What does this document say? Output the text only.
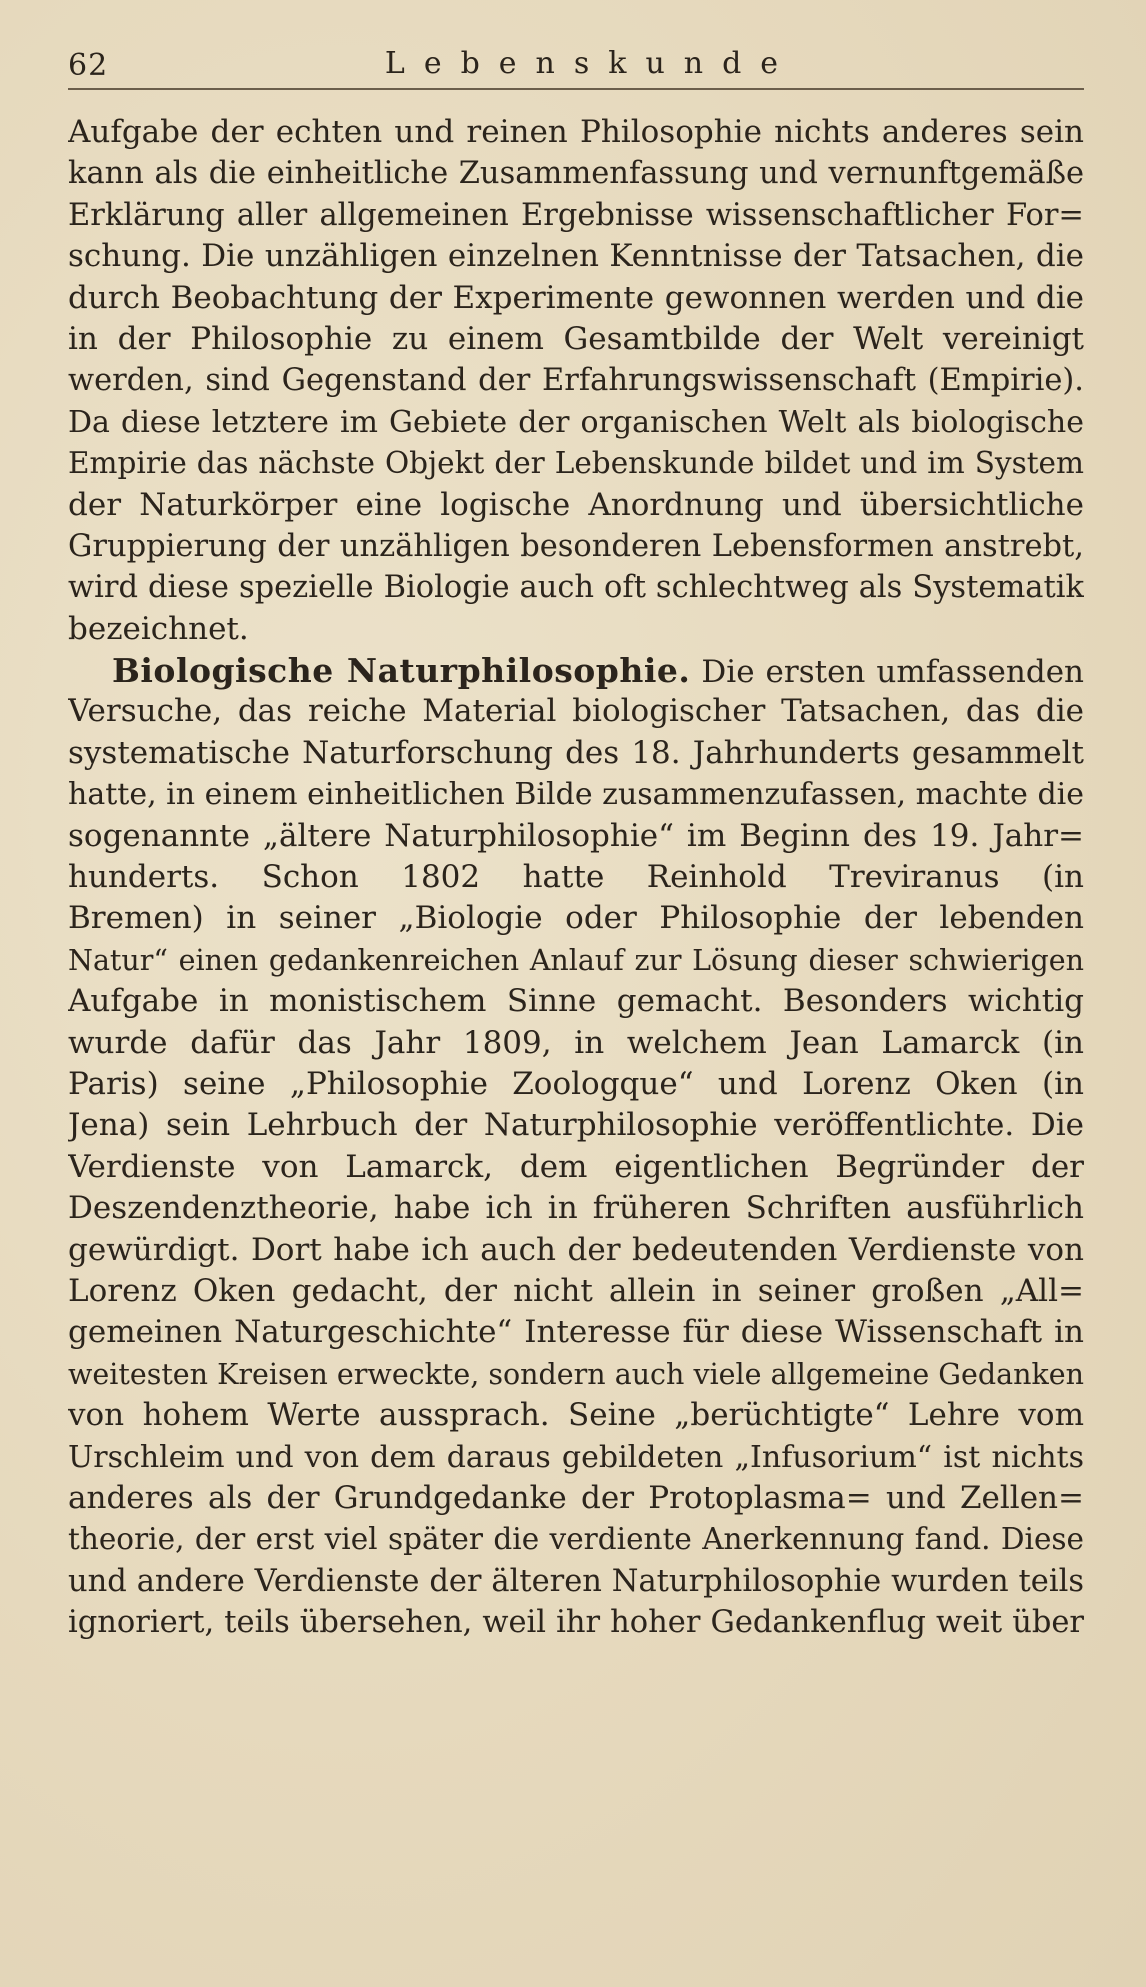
62	Lebenskunde
Aufgabe der echten und reinen Philosophie nichts anderes sein
kann als die einheitliche Zusammenfassung und vernunftgemäße
Erklärung aller allgemeinen Ergebnisse wissenschaftlicher For=
schung. Die unzähligen einzelnen Kenntnisse der Tatsachen, die
durch Beobachtung der Experimente gewonnen werden und die
in der Philosophie zu einem Gesamtbilde der Welt vereinigt
werden, sind Gegenstand der Erfahrungswissenschaft (Empirie).
Da diese letztere im Gebiete der organischen Welt als biologische
Empirie das nächste Objekt der Lebenskunde bildet und im System
der Naturkörper eine logische Anordnung und übersichtliche
Gruppierung der unzähligen besonderen Lebensformen anstrebt,
wird diese spezielle Biologie auch oft schlechtweg als Systematik
bezeichnet.
Biologische Naturphilosophie. Die ersten umfassenden
Versuche, das reiche Material biologischer Tatsachen, das die
systematische Naturforschung des 18. Jahrhunderts gesammelt
hatte, in einem einheitlichen Bilde zusammenzufassen, machte die
sogenannte „ältere Naturphilosophie“ im Beginn des 19. Jahr=
hunderts. Schon 1802 hatte Reinhold Treviranus (in
Bremen) in seiner „Biologie oder Philosophie der lebenden
Natur“ einen gedankenreichen Anlauf zur Lösung dieser schwierigen
Aufgabe in monistischem Sinne gemacht. Besonders wichtig
wurde dafür das Jahr 1809, in welchem Jean Lamarck (in
Paris) seine „Philosophie Zoologque“ und Lorenz Oken (in
Jena) sein Lehrbuch der Naturphilosophie veröffentlichte. Die
Verdienste von Lamarck, dem eigentlichen Begründer der
Deszendenztheorie, habe ich in früheren Schriften ausführlich
gewürdigt. Dort habe ich auch der bedeutenden Verdienste von
Lorenz Oken gedacht, der nicht allein in seiner großen „All=
gemeinen Naturgeschichte“ Interesse für diese Wissenschaft in
weitesten Kreisen erweckte, sondern auch viele allgemeine Gedanken
von hohem Werte aussprach. Seine „berüchtigte“ Lehre vom
Urschleim und von dem daraus gebildeten „Infusorium“ ist nichts
anderes als der Grundgedanke der Protoplasma= und Zellen=
theorie, der erst viel später die verdiente Anerkennung fand. Diese
und andere Verdienste der älteren Naturphilosophie wurden teils
ignoriert, teils übersehen, weil ihr hoher Gedankenflug weit über
